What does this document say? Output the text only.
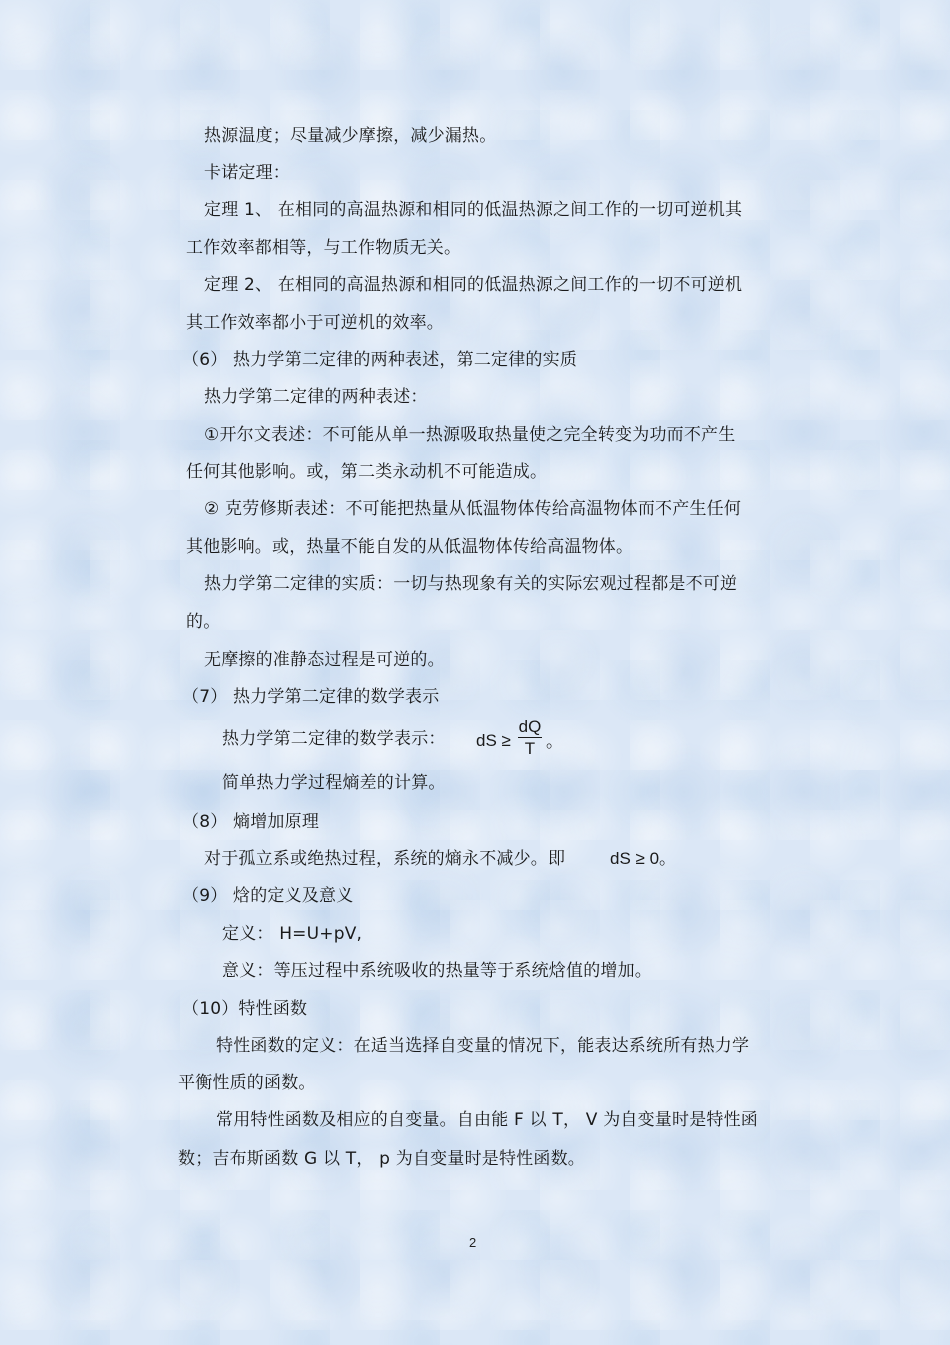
热源温度；尽量减少摩擦，减少漏热。
卡诺定理：
定理 1、 在相同的高温热源和相同的低温热源之间工作的一切可逆机其
工作效率都相等，与工作物质无关。
定理 2、 在相同的高温热源和相同的低温热源之间工作的一切不可逆机
其工作效率都小于可逆机的效率。
（6） 热力学第二定律的两种表述，第二定律的实质
热力学第二定律的两种表述：
①开尔文表述：不可能从单一热源吸取热量使之完全转变为功而不产生
任何其他影响。或，第二类永动机不可能造成。
② 克劳修斯表述：不可能把热量从低温物体传给高温物体而不产生任何
其他影响。或，热量不能自发的从低温物体传给高温物体。
热力学第二定律的实质：一切与热现象有关的实际宏观过程都是不可逆
的。
无摩擦的准静态过程是可逆的。
（7） 热力学第二定律的数学表示
热力学第二定律的数学表示： dS ≥
dQ
T 。
简单热力学过程熵差的计算。
（8） 熵增加原理
对于孤立系或绝热过程，系统的熵永不减少。即	dS ≥ 0。
（9） 焓的定义及意义
定义： H=U+pV,
意义：等压过程中系统吸收的热量等于系统焓值的增加。
（10）特性函数
特性函数的定义：在适当选择自变量的情况下，能表达系统所有热力学
平衡性质的函数。
常用特性函数及相应的自变量。自由能 F 以 T， V 为自变量时是特性函
数；吉布斯函数 G 以 T， p 为自变量时是特性函数。
2
